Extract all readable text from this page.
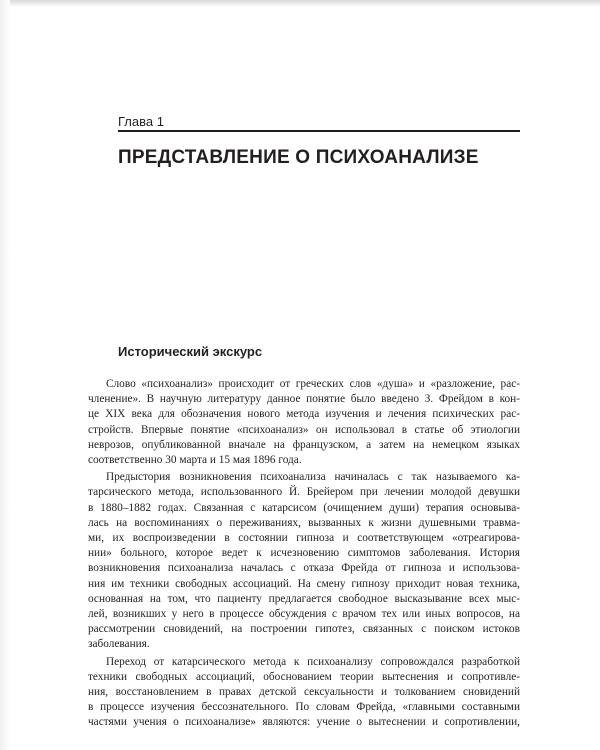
Глава 1
ПРЕДСТАВЛЕНИЕ О ПСИХОАНАЛИЗЕ
Исторический экскурс
Слово «психоанализ» происходит от греческих слов «душа» и «разложение, рас-
членение». В научную литературу данное понятие было введено З. Фрейдом в кон-
це XIX века для обозначения нового метода изучения и лечения психических рас-
стройств. Впервые понятие «психоанализ» он использовал в статье об этиологии
неврозов, опубликованной вначале на французском, а затем на немецком языках
соответственно 30 марта и 15 мая 1896 года.
Предыстория возникновения психоанализа начиналась с так называемого ка-
тарсического метода, использованного Й. Брейером при лечении молодой девушки
в 1880–1882 годах. Связанная с катарсисом (очищением души) терапия основыва-
лась на воспоминаниях о переживаниях, вызванных к жизни душевными травма-
ми, их воспроизведении в состоянии гипноза и соответствующем «отреагирова-
нии» больного, которое ведет к исчезновению симптомов заболевания. История
возникновения психоанализа началась с отказа Фрейда от гипноза и использова-
ния им техники свободных ассоциаций. На смену гипнозу приходит новая техника,
основанная на том, что пациенту предлагается свободное высказывание всех мыс-
лей, возникших у него в процессе обсуждения с врачом тех или иных вопросов, на
рассмотрении сновидений, на построении гипотез, связанных с поиском истоков
заболевания.
Переход от катарсического метода к психоанализу сопровождался разработкой
техники свободных ассоциаций, обоснованием теории вытеснения и сопротивле-
ния, восстановлением в правах детской сексуальности и толкованием сновидений
в процессе изучения бессознательного. По словам Фрейда, «главными составными
частями учения о психоанализе» являются: учение о вытеснении и сопротивлении,
